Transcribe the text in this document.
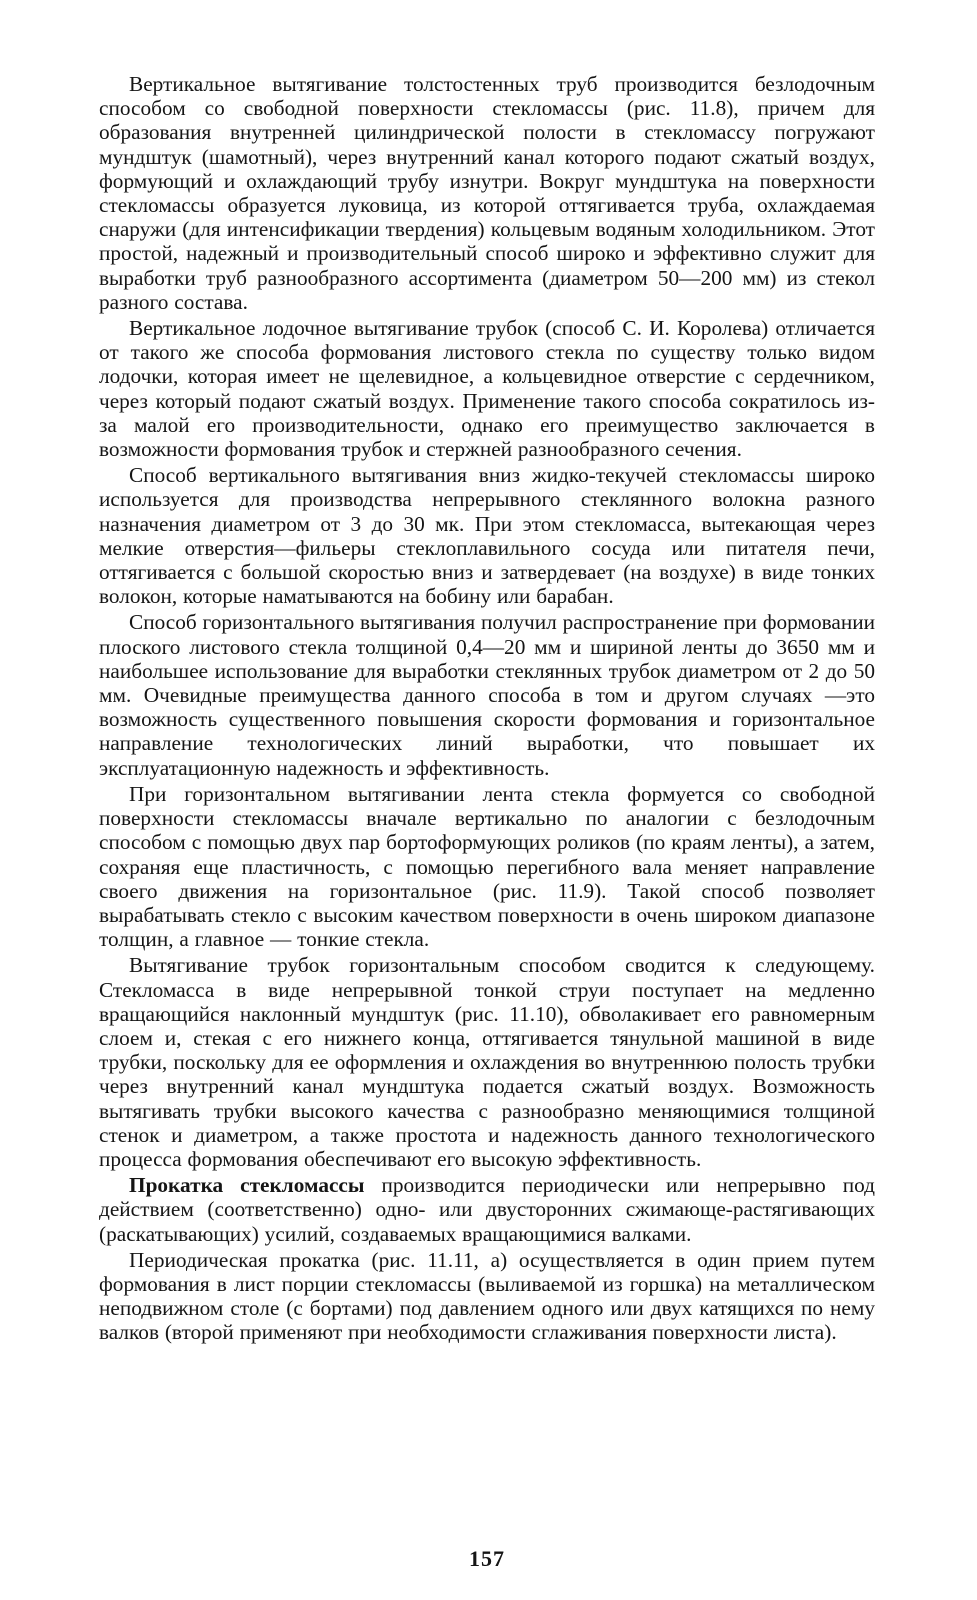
Вертикальное вытягивание толстостенных труб производится безлодочным способом со свободной поверхности стекломассы (рис. 11.8), причем для образования внутренней цилиндрической полости в стекломассу погружают мундштук (шамотный), через внутренний канал которого подают сжатый воздух, формующий и охлаждающий трубу изнутри. Вокруг мундштука на поверхности стекломассы образуется луковица, из которой оттягивается труба, охлаждаемая снаружи (для интенсификации твердения) кольцевым водяным холодильником. Этот простой, надежный и производительный способ широко и эффективно служит для выработки труб разнообразного ассортимента (диаметром 50—200 мм) из стекол разного состава.

Вертикальное лодочное вытягивание трубок (способ С. И. Королева) отличается от такого же способа формования листового стекла по существу только видом лодочки, которая имеет не щелевидное, а кольцевидное отверстие с сердечником, через который подают сжатый воздух. Применение такого способа сократилось из-за малой его производительности, однако его преимущество заключается в возможности формования трубок и стержней разнообразного сечения.

Способ вертикального вытягивания вниз жидко-текучей стекломассы широко используется для производства непрерывного стеклянного волокна разного назначения диаметром от 3 до 30 мк. При этом стекломасса, вытекающая через мелкие отверстия—фильеры стеклоплавильного сосуда или питателя печи, оттягивается с большой скоростью вниз и затвердевает (на воздухе) в виде тонких волокон, которые наматываются на бобину или барабан.

Способ горизонтального вытягивания получил распространение при формовании плоского листового стекла толщиной 0,4—20 мм и шириной ленты до 3650 мм и наибольшее использование для выработки стеклянных трубок диаметром от 2 до 50 мм. Очевидные преимущества данного способа в том и другом случаях —это возможность существенного повышения скорости формования и горизонтальное направление технологических линий выработки, что повышает их эксплуатационную надежность и эффективность.

При горизонтальном вытягивании лента стекла формуется со свободной поверхности стекломассы вначале вертикально по аналогии с безлодочным способом с помощью двух пар бортоформующих роликов (по краям ленты), а затем, сохраняя еще пластичность, с помощью перегибного вала меняет направление своего движения на горизонтальное (рис. 11.9). Такой способ позволяет вырабатывать стекло с высоким качеством поверхности в очень широком диапазоне толщин, а главное — тонкие стекла.

Вытягивание трубок горизонтальным способом сводится к следующему. Стекломасса в виде непрерывной тонкой струи поступает на медленно вращающийся наклонный мундштук (рис. 11.10), обволакивает его равномерным слоем и, стекая с его нижнего конца, оттягивается тянульной машиной в виде трубки, поскольку для ее оформления и охлаждения во внутреннюю полость трубки через внутренний канал мундштука подается сжатый воздух. Возможность вытягивать трубки высокого качества с разнообразно меняющимися толщиной стенок и диаметром, а также простота и надежность данного технологического процесса формования обеспечивают его высокую эффективность.

Прокатка стекломассы производится периодически или непрерывно под действием (соответственно) одно- или двусторонних сжимающе-растягивающих (раскатывающих) усилий, создаваемых вращающимися валками.

Периодическая прокатка (рис. 11.11, а) осуществляется в один прием путем формования в лист порции стекломассы (выливаемой из горшка) на металлическом неподвижном столе (с бортами) под давлением одного или двух катящихся по нему валков (второй применяют при необходимости сглаживания поверхности листа).

157
